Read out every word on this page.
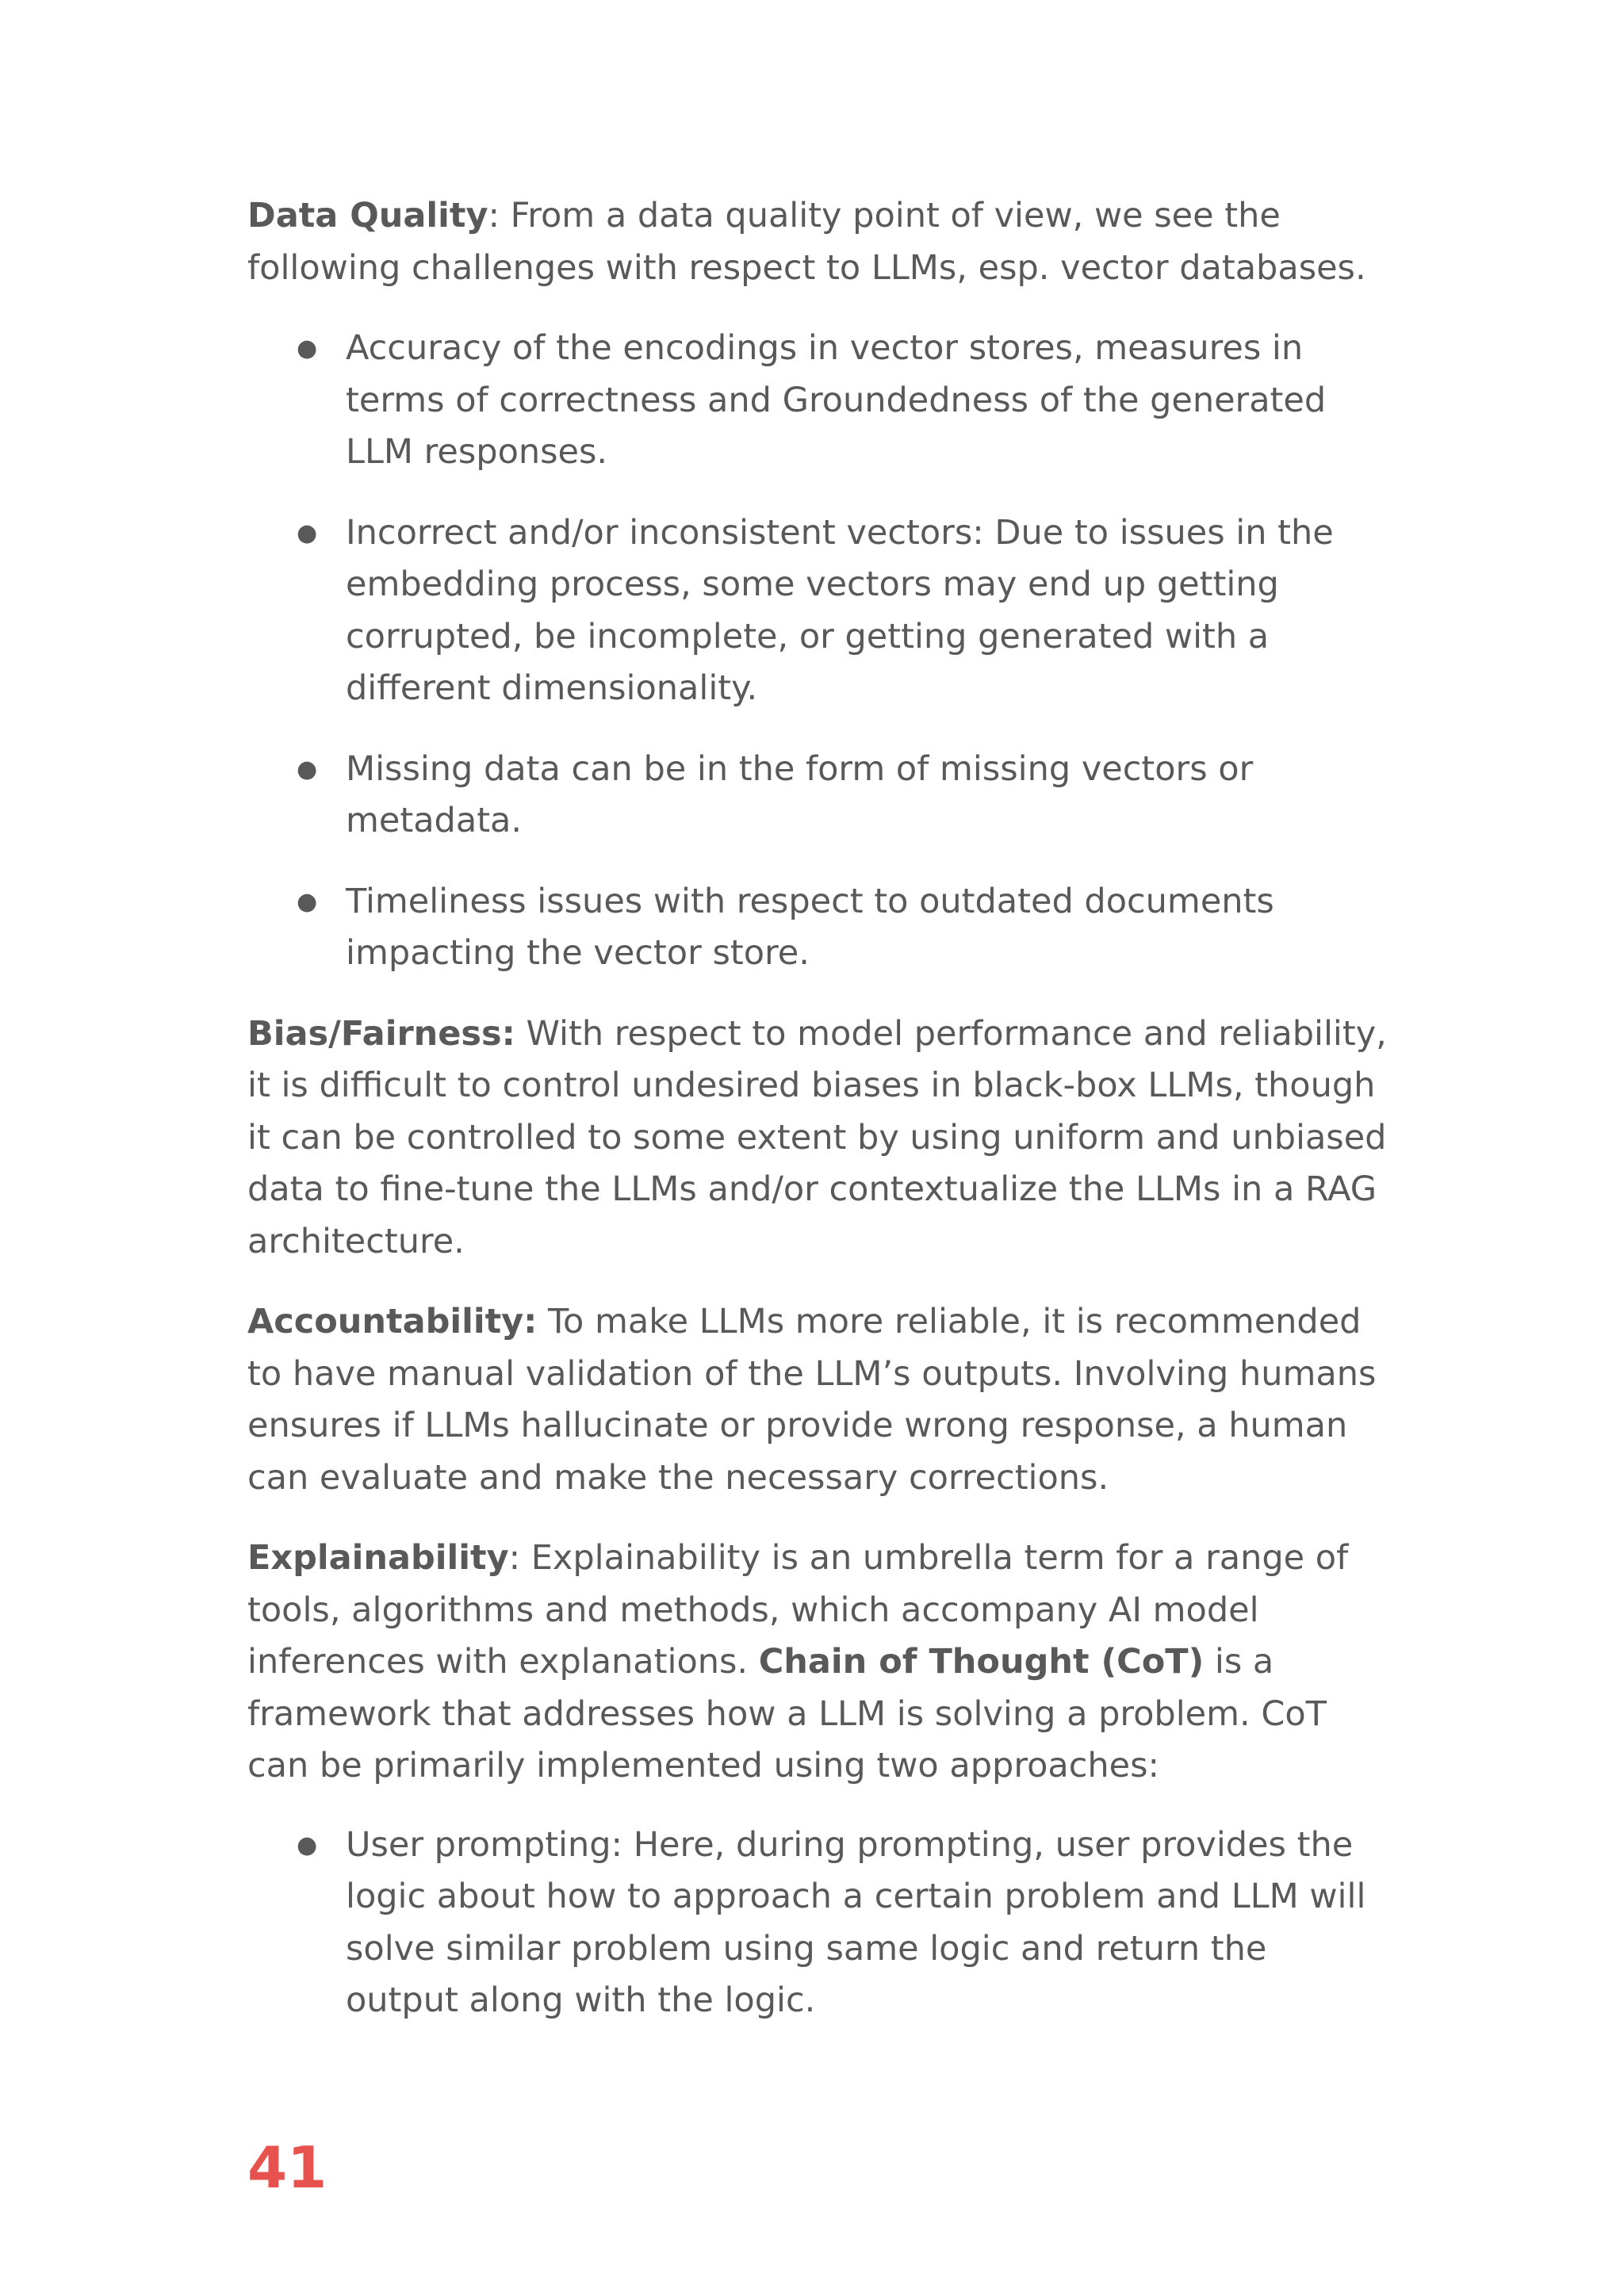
Data Quality: From a data quality point of view, we see the following challenges with respect to LLMs, esp. vector databases.

● Accuracy of the encodings in vector stores, measures in terms of correctness and Groundedness of the generated LLM responses.
● Incorrect and/or inconsistent vectors: Due to issues in the embedding process, some vectors may end up getting corrupted, be incomplete, or getting generated with a different dimensionality.
● Missing data can be in the form of missing vectors or metadata.
● Timeliness issues with respect to outdated documents impacting the vector store.

Bias/Fairness: With respect to model performance and reliability, it is difficult to control undesired biases in black-box LLMs, though it can be controlled to some extent by using uniform and unbiased data to fine-tune the LLMs and/or contextualize the LLMs in a RAG architecture.

Accountability: To make LLMs more reliable, it is recommended to have manual validation of the LLM’s outputs. Involving humans ensures if LLMs hallucinate or provide wrong response, a human can evaluate and make the necessary corrections.

Explainability: Explainability is an umbrella term for a range of tools, algorithms and methods, which accompany AI model inferences with explanations. Chain of Thought (CoT) is a framework that addresses how a LLM is solving a problem. CoT can be primarily implemented using two approaches:

● User prompting: Here, during prompting, user provides the logic about how to approach a certain problem and LLM will solve similar problem using same logic and return the output along with the logic.
41
